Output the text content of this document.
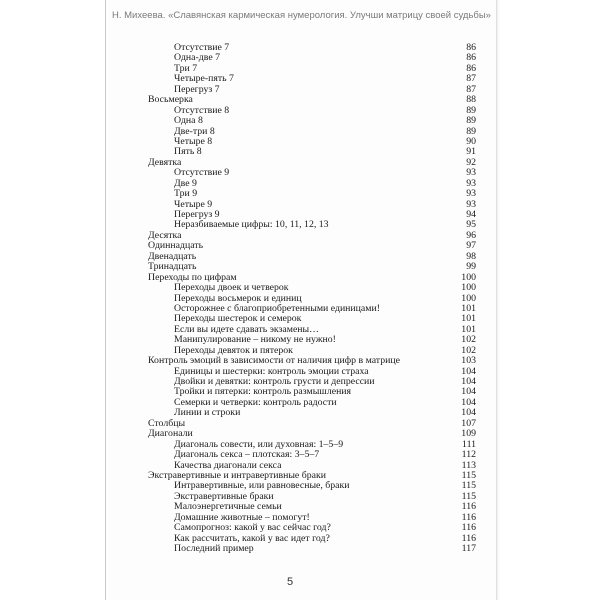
Н. Михеева. «Славянская кармическая нумерология. Улучши матрицу своей судьбы»
Отсутствие 7	86
Одна-две 7	86
Три 7	86
Четыре-пять 7	87
Перегруз 7	87
Восьмерка	88
Отсутствие 8	89
Одна 8	89
Две-три 8	89
Четыре 8	90
Пять 8	91
Девятка	92
Отсутствие 9	93
Две 9	93
Три 9	93
Четыре 9	93
Перегруз 9	94
Неразбиваемые цифры: 10, 11, 12, 13	95
Десятка	96
Одиннадцать	97
Двенадцать	98
Тринадцать	99
Переходы по цифрам	100
Переходы двоек и четверок	100
Переходы восьмерок и единиц	100
Осторожнее с благоприобретенными единицами!	101
Переходы шестерок и семерок	101
Если вы идете сдавать экзамены…	101
Манипулирование – никому не нужно!	102
Переходы девяток и пятерок	102
Контроль эмоций в зависимости от наличия цифр в матрице	103
Единицы и шестерки: контроль эмоции страха	104
Двойки и девятки: контроль грусти и депрессии	104
Тройки и пятерки: контроль размышления	104
Семерки и четверки: контроль радости	104
Линии и строки	104
Столбцы	107
Диагонали	109
Диагональ совести, или духовная: 1–5–9	111
Диагональ секса – плотская: 3–5–7	112
Качества диагонали секса	113
Экстравертивные и интравертивные браки	115
Интравертивные, или равновесные, браки	115
Экстравертивные браки	115
Малоэнергетичные семьи	116
Домашние животные – помогут!	116
Самопрогноз: какой у вас сейчас год?	116
Как рассчитать, какой у вас идет год?	116
Последний пример	117
5
